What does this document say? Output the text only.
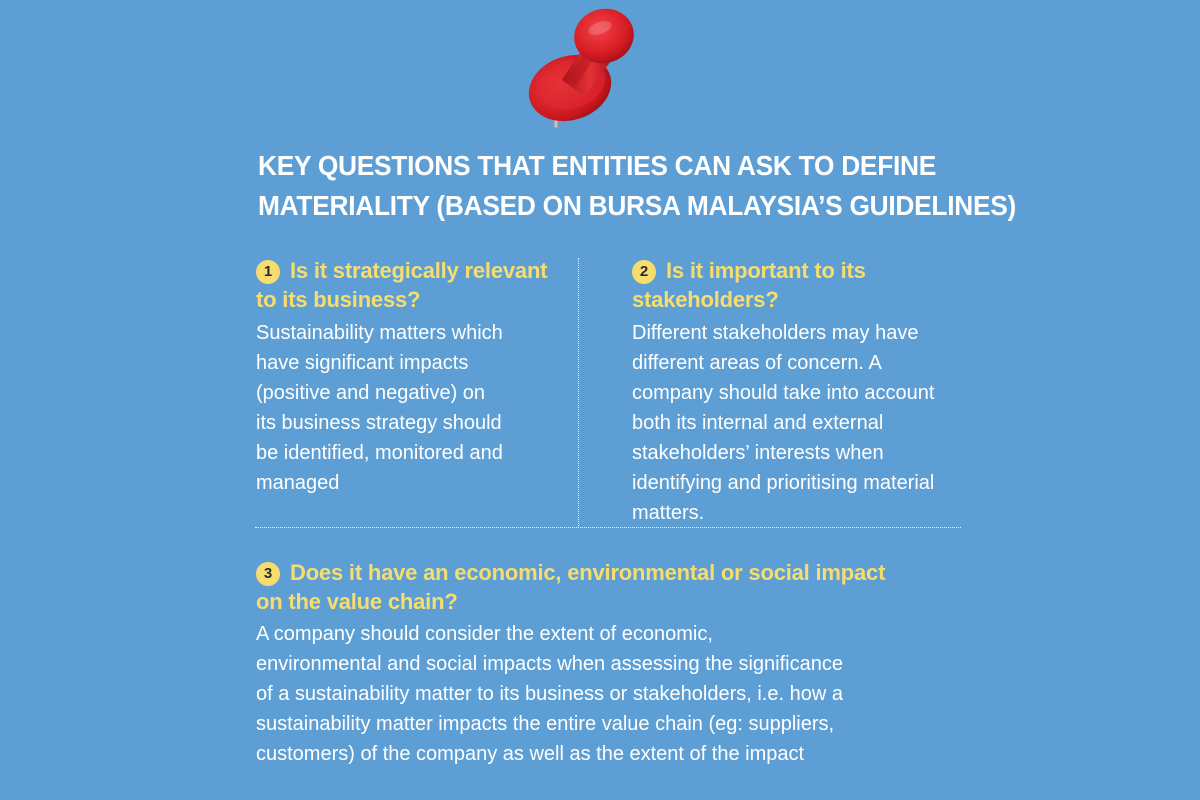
KEY QUESTIONS THAT ENTITIES CAN ASK TO DEFINE
MATERIALITY (BASED ON BURSA MALAYSIA’S GUIDELINES)
1 Is it strategically relevant
to its business?

Sustainability matters which
have significant impacts
(positive and negative) on
its business strategy should
be identified, monitored and
managed

2 Is it important to its
stakeholders?

Different stakeholders may have
different areas of concern. A
company should take into account
both its internal and external
stakeholders’ interests when
identifying and prioritising material
matters.

3 Does it have an economic, environmental or social impact
on the value chain?

A company should consider the extent of economic,
environmental and social impacts when assessing the significance
of a sustainability matter to its business or stakeholders, i.e. how a
sustainability matter impacts the entire value chain (eg: suppliers,
customers) of the company as well as the extent of the impact
